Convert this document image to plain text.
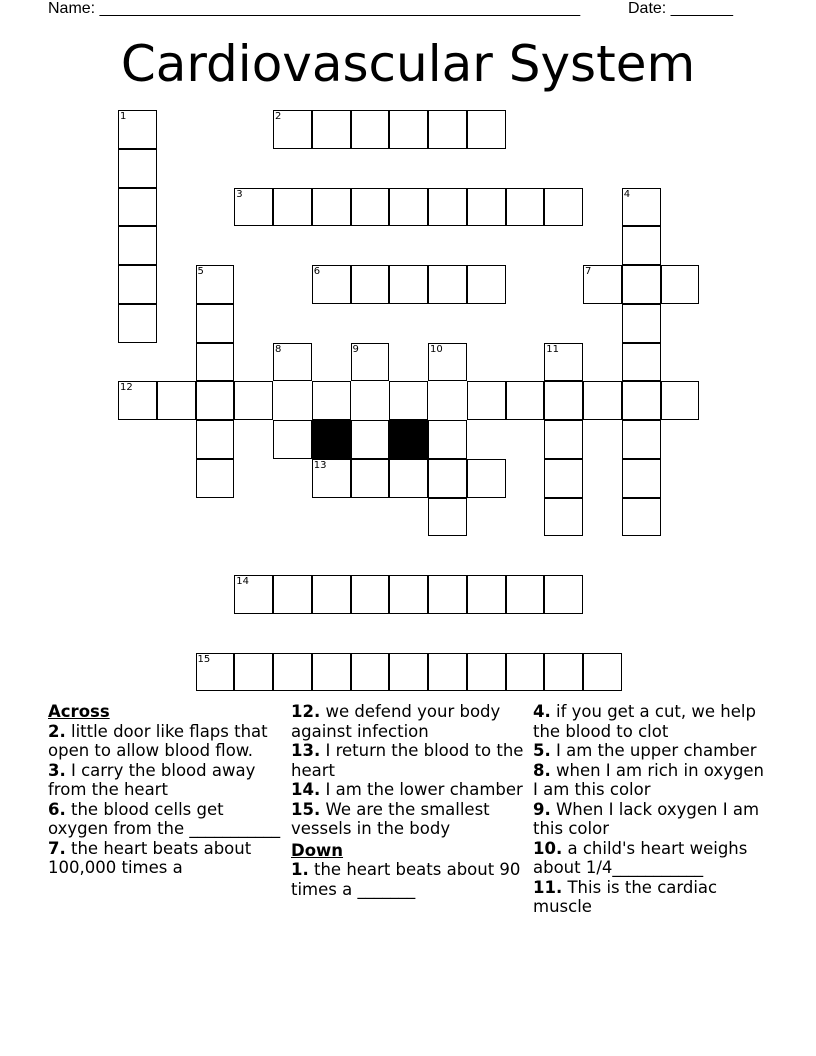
Name: ______________________________________________________	Date: _______
Cardiovascular System
1	2
3	4
5	6	7
8	9	10	11
12
13
14
15
Across
2. little door like flaps that open to allow blood flow.
3. I carry the blood away from the heart
6. the blood cells get oxygen from the ___________
7. the heart beats about 100,000 times a
12. we defend your body against infection
13. I return the blood to the heart
14. I am the lower chamber
15. We are the smallest vessels in the body
Down
1. the heart beats about 90 times a _______
4. if you get a cut, we help the blood to clot
5. I am the upper chamber
8. when I am rich in oxygen I am this color
9. When I lack oxygen I am this color
10. a child's heart weighs about 1/4___________
11. This is the cardiac muscle
